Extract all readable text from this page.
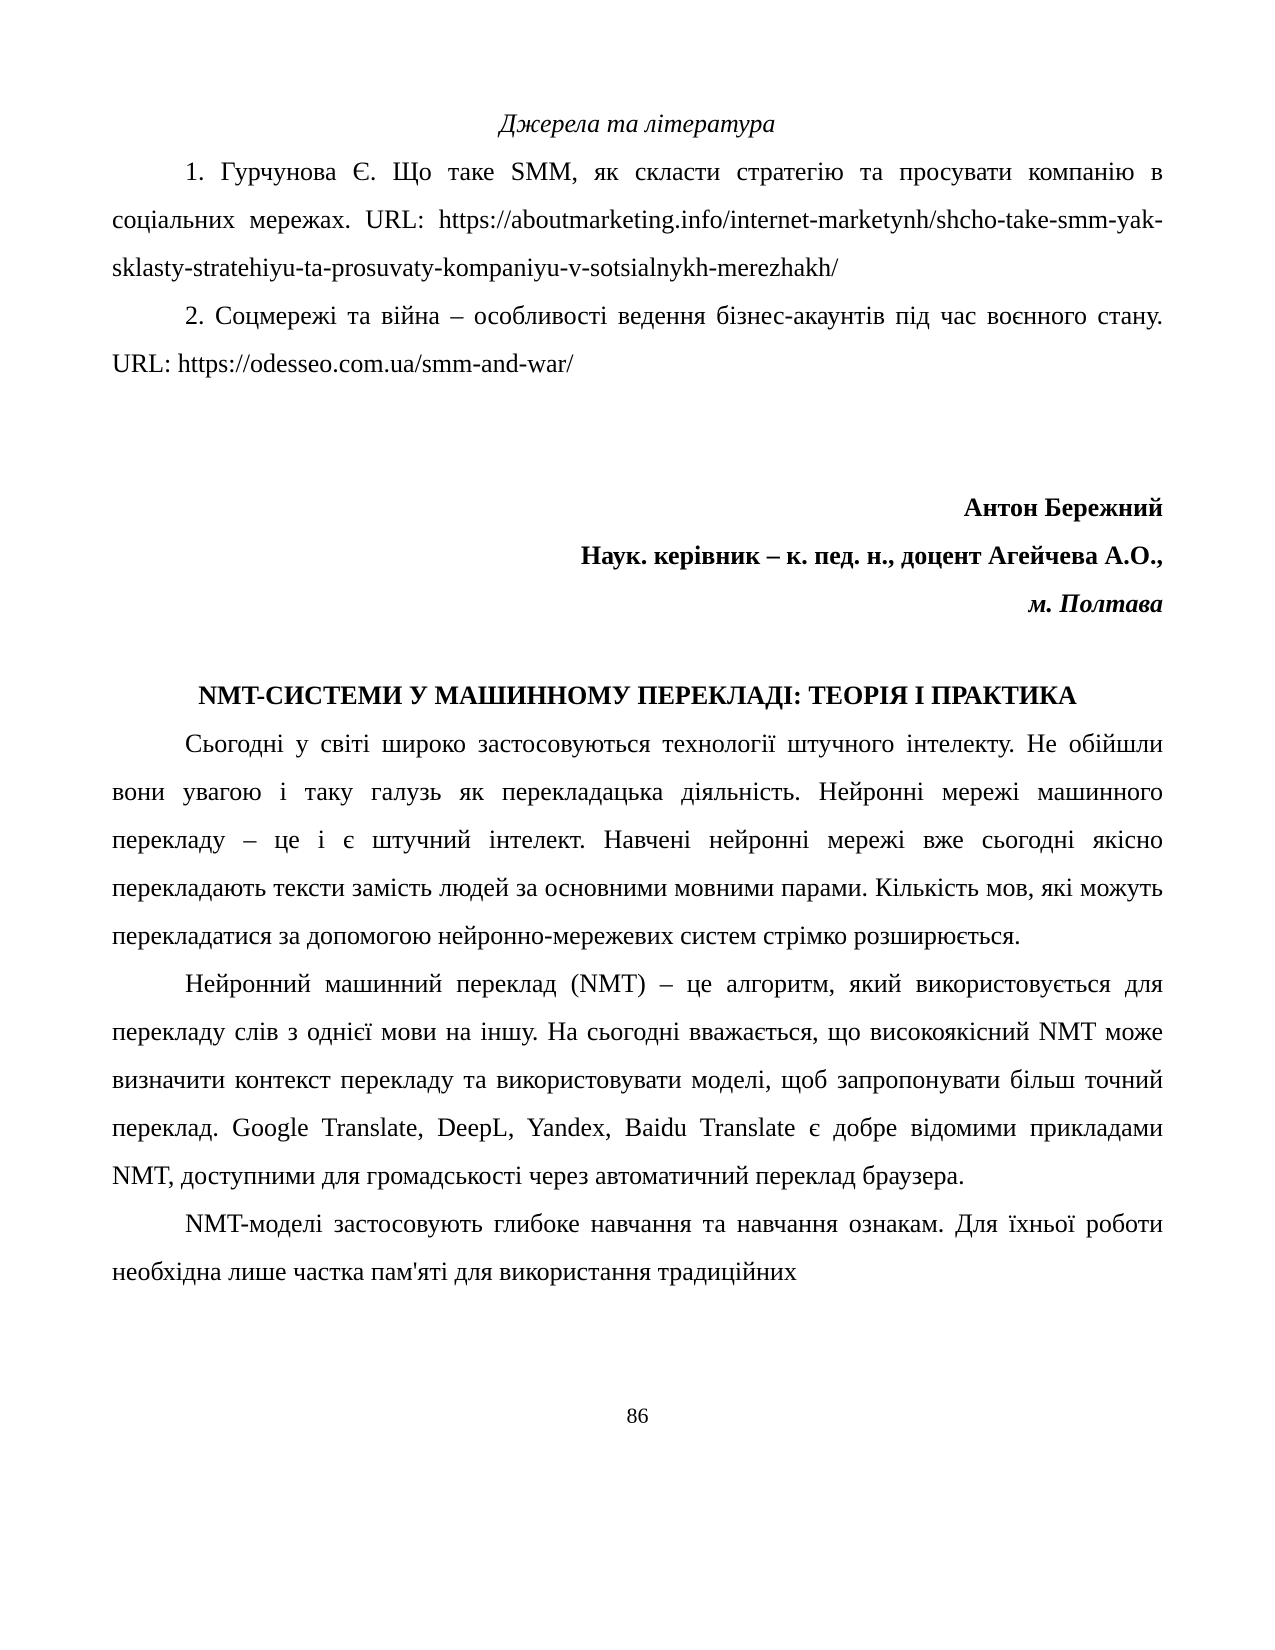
Джерела та література

1. Гурчунова Є. Що таке SMM, як скласти стратегію та просувати компанію в соціальних мережах. URL: https://aboutmarketing.info/internet-marketynh/shcho-take-smm-yak-sklasty-stratehiyu-ta-prosuvaty-kompaniyu-v-sotsialnykh-merezhakh/

2. Соцмережі та війна – особливості ведення бізнес-акаунтів під час воєнного стану. URL: https://odesseo.com.ua/smm-and-war/

Антон Бережний

Наук. керівник – к. пед. н., доцент Агейчева А.О.,

м. Полтава

NMT-СИСТЕМИ У МАШИННОМУ ПЕРЕКЛАДІ: ТЕОРІЯ І ПРАКТИКА

Сьогодні у світі широко застосовуються технології штучного інтелекту. Не обійшли вони увагою і таку галузь як перекладацька діяльність. Нейронні мережі машинного перекладу – це і є штучний інтелект. Навчені нейронні мережі вже сьогодні якісно перекладають тексти замість людей за основними мовними парами. Кількість мов, які можуть перекладатися за допомогою нейронно-мережевих систем стрімко розширюється.

Нейронний машинний переклад (NMT) – це алгоритм, який використовується для перекладу слів з однієї мови на іншу. На сьогодні вважається, що високоякісний NMT може визначити контекст перекладу та використовувати моделі, щоб запропонувати більш точний переклад. Google Translate, DeepL, Yandex, Baidu Translate є добре відомими прикладами NMT, доступними для громадськості через автоматичний переклад браузера.

NMT-моделі застосовують глибоке навчання та навчання ознакам. Для їхньої роботи необхідна лише частка пам'яті для використання традиційних

86
